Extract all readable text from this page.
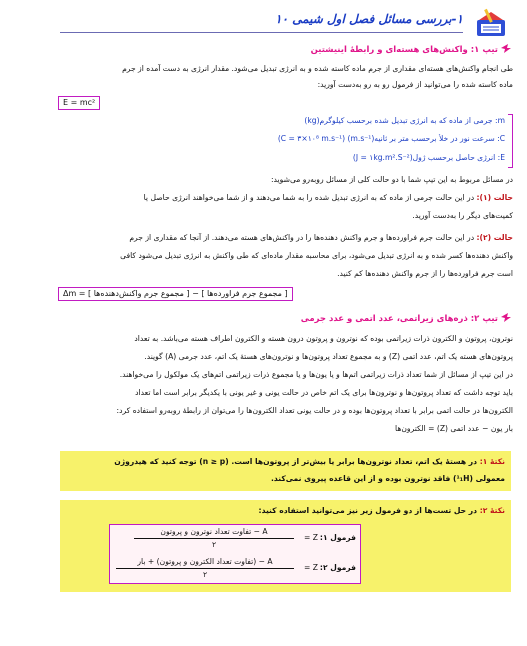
۱-بررسی مسائل فصل اول شیمی ۱۰
تیپ ۱: واکنش‌های هسته‌ای و رابطهٔ اینیشتین
طی انجام واکنش‌های هسته‌ای مقداری از جرم ماده کاسته شده و به انرژی تبدیل می‌شود. مقدار انرژی به دست آمده از جرم
E = mc²
ماده کاسته شده را می‌توانید از فرمول رو به رو به‌دست آورید:
m: جرمی از ماده که به انرژی تبدیل شده برحسب کیلوگرم(kg)
C: سرعت نور در خلأ برحسب متر بر ثانیه(m.s⁻¹) (C = ۳×۱۰⁸ m.s⁻¹)
E: انرژی حاصل برحسب ژول(J = ۱kg.m².S⁻²)
در مسائل مربوط به این تیپ شما با دو حالت کلی از مسائل روبه‌رو می‌شوید:
حالت (۱): در این حالت جرمی از ماده که به انرژی تبدیل شده را به شما می‌دهند و از شما می‌خواهند انرژی حاصل یا
کمیت‌های دیگر را به‌دست آورید.
حالت (۲): در این حالت جرم فراورده‌ها و جرم واکنش دهنده‌ها را در واکنش‌های هسته می‌دهند. از آنجا که مقداری از جرم
واکنش دهنده‌ها کسر شده و به انرژی تبدیل می‌شود، برای محاسبه مقدار ماده‌ای که طی واکنش به انرژی تبدیل می‌شود کافی
است جرم فراورده‌ها را از جرم واکنش دهنده‌ها کم کنید.
Δm = [ مجموع جرم واکنش‌دهنده‌ها ] − [ مجموع جرم فراورده‌ها ]
تیپ ۲: ذره‌های زیراتمی، عدد اتمی و عدد جرمی
نوترون، پروتون و الکترون ذرات زیراتمی بوده که نوترون و پروتون درون هسته و الکترون اطراف هسته می‌باشد. به تعداد
پروتون‌های هسته یک اتم، عدد اتمی (Z) و به مجموع تعداد پروتون‌ها و نوترون‌های هستهٔ یک اتم، عدد جرمی (A) گویند.
در این تیپ از مسائل از شما تعداد ذرات زیراتمی اتم‌ها و یا یون‌ها و یا مجموع ذرات زیراتمی اتم‌های یک مولکول را می‌خواهند.
باید توجه داشت که تعداد پروتون‌ها و نوترون‌ها برای یک اتم خاص در حالت یونی و غیر یونی با یکدیگر برابر است اما تعداد
الکترون‌ها در حالت اتمی برابر با تعداد پروتون‌ها بوده و در حالت یونی تعداد الکترون‌ها را می‌توان از رابطهٔ روبه‌رو استفاده کرد:
بار یون − عدد اتمی (Z) = الکترون‌ها
نکتهٔ ۱: در هستهٔ یک اتم، تعداد نوترون‌ها برابر یا بیش‌تر از پروتون‌ها است. (n ≥ p) توجه کنید که هیدروژن
معمولی (¹₁H) فاقد نوترون بوده و از این قاعده پیروی نمی‌کند.
نکتهٔ ۲: در حل تست‌ها از دو فرمول زیر نیز می‌توانید استفاده کنید:
فرمول ۱:
Z =
A − تفاوت تعداد نوترون و پروتون
۲
فرمول ۲:
Z =
A − (تفاوت تعداد الکترون و پروتون) + بار
۲
